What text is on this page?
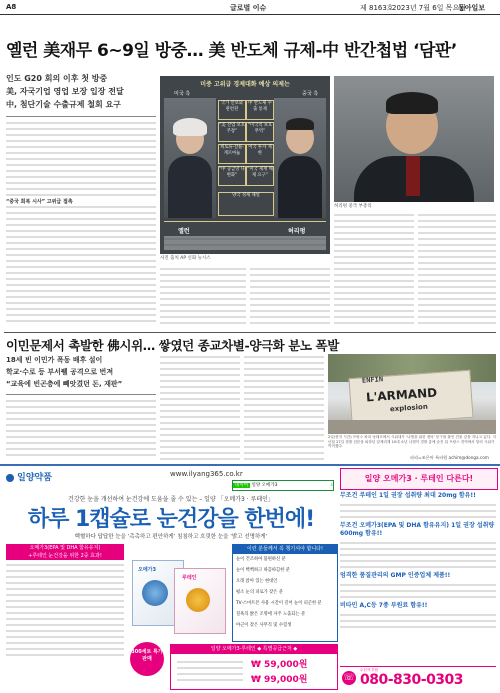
A8	글로벌 이슈	제 8163호
2023년 7월 6일 목요일
동아일보
옐런 美재무 6~9일 방중… 美 반도체 규제-中 반간첩법 ‘담판’
인도 G20 회의 이후 첫 방중
美, 자국기업 영업 보장 입장 전달
中, 첨단기술 수출규제 철회 요구
“중국 회복 시사” 고위급 접촉
미중 고위급 경제대화 예상 의제는
미국 측	중국 측
국가 안보와 관련된
中 반도체 수출 통제
“美 산업 보호 주장”
“미국의 보호무역”
희토류·갈륨·게르마늄
미국 투자 제한
“中 공급망 다변화”
“미국 제재 해제 요구”
양국 경제 채널
옐런	허리펑
사진 출처 AP 신화 뉴시스
허리펑 중국 부총리
이민문제서 촉발한 佛시위… 쌓였던 종교차별-양극화 분노 폭발
18세 빈 이민가 폭동 배후 설이
학교·수로 등 부서뷀 공격으로 번져
“교육에 빈곤층에 빼앗겼던 돈, 재판”	ENFIN
L'ARMAND
explosion
2일(현지 시간) 프랑스 파리 낭테르에서 시위대가 ‘나엘을 위한 정의’ 문구를 붙인 건물 앞을 지나고 있다. 지난달 27일 경찰 검문을 피하던 알제리계 10대 소년 나엘이 경찰 총에 숨진 뒤 프랑스 전역에서 항의 시위가 이어졌다.
파리=조은아 특파원 achim@donga.com
일양약품	www.ilyang365.co.kr
네이버 일양 오메가3	⌕
일양 오메가3 · 루테인 다른다!
건강한 눈을 개선하여 눈건강에 도움을 줄 수 있는 – 일양 「오메가3 · 루테인」
하루 1캡슐로 눈건강을 한번에!
백혈하다 답답한 눈을 ‘촉촉하고 편안하게’ 침침하고 흐릿한 눈을 ‘밝고 선명하게’
오메가3(EPA 및 DHA 함유유지)
+루테인 눈건강을 위한 2중 효과!
오메가3
루테인
300세트 특가판매
이런 분들께서 꼭 챙기셔야 합니다!
눈이 건조하여 불편하신 분
눈이 뻑뻑하고 따끔따끔한 분
오래 앉아 있는 현대인
평소 눈의 피로가 잦은 분
TV·스마트폰 사용 시간이 길어 눈이 피곤한 분
칠흑의 밝은 조명에 자주 노출되는 분
야근이 잦은 사무직 및 수험생
일양 오메가3·루테인 ◆ 특별공급근처 ◆
₩ 59,000원
₩ 99,000원
무조건 루테인 1일 권장 섭취량 최대 20mg 함유!!
무조건 오메가3(EPA 및 DHA 함유유지) 1일 권장 섭취량 600mg 함유!!
엄격한 품질관리의 GMP 인증업체 제품!!
비타민 A,C등 7종 부원료 함유!!
☏
수신자 부담
080-830-0303
